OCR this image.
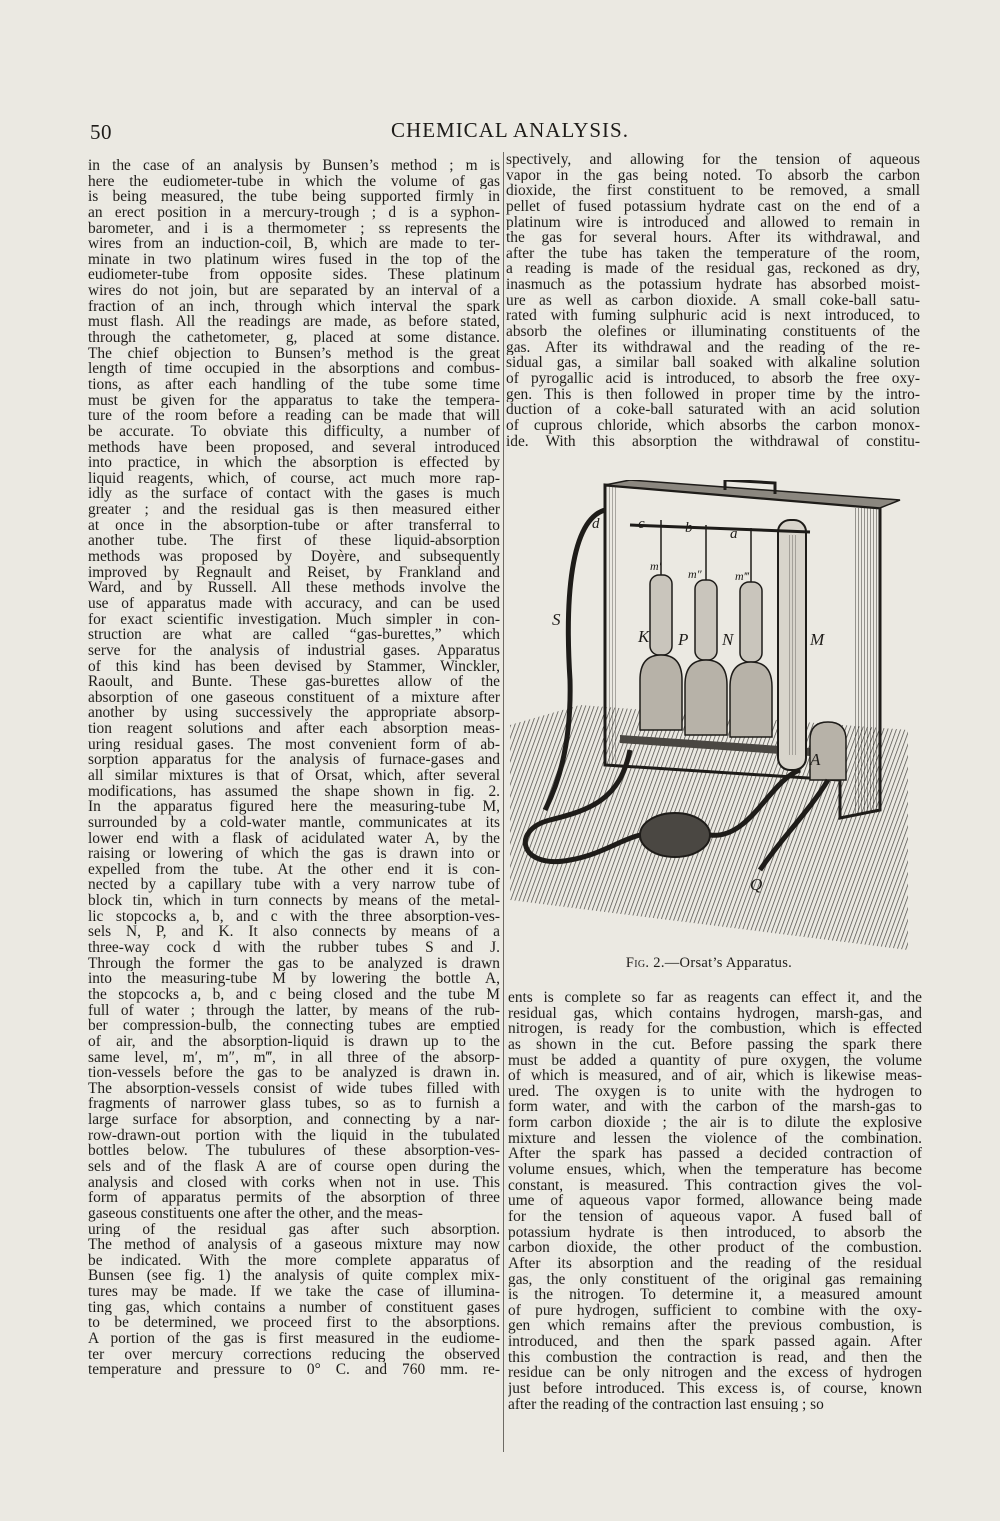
50	CHEMICAL ANALYSIS.
in the case of an analysis by Bunsen’s method ; m is
here the eudiometer-tube in which the volume of gas
is being measured, the tube being supported firmly in
an erect position in a mercury-trough ; d is a syphon-
barometer, and i is a thermometer ; ss represents the
wires from an induction-coil, B, which are made to ter-
minate in two platinum wires fused in the top of the
eudiometer-tube from opposite sides. These platinum
wires do not join, but are separated by an interval of a
fraction of an inch, through which interval the spark
must flash. All the readings are made, as before stated,
through the cathetometer, g, placed at some distance.
The chief objection to Bunsen’s method is the great
length of time occupied in the absorptions and combus-
tions, as after each handling of the tube some time
must be given for the apparatus to take the tempera-
ture of the room before a reading can be made that will
be accurate. To obviate this difficulty, a number of
methods have been proposed, and several introduced
into practice, in which the absorption is effected by
liquid reagents, which, of course, act much more rap-
idly as the surface of contact with the gases is much
greater ; and the residual gas is then measured either
at once in the absorption-tube or after transferral to
another tube. The first of these liquid-absorption
methods was proposed by Doyère, and subsequently
improved by Regnault and Reiset, by Frankland and
Ward, and by Russell. All these methods involve the
use of apparatus made with accuracy, and can be used
for exact scientific investigation. Much simpler in con-
struction are what are called “gas-burettes,” which
serve for the analysis of industrial gases. Apparatus
of this kind has been devised by Stammer, Winckler,
Raoult, and Bunte. These gas-burettes allow of the
absorption of one gaseous constituent of a mixture after
another by using successively the appropriate absorp-
tion reagent solutions and after each absorption meas-
uring residual gases. The most convenient form of ab-
sorption apparatus for the analysis of furnace-gases and
all similar mixtures is that of Orsat, which, after several
modifications, has assumed the shape shown in fig. 2.
In the apparatus figured here the measuring-tube M,
surrounded by a cold-water mantle, communicates at its
lower end with a flask of acidulated water A, by the
raising or lowering of which the gas is drawn into or
expelled from the tube. At the other end it is con-
nected by a capillary tube with a very narrow tube of
block tin, which in turn connects by means of the metal-
lic stopcocks a, b, and c with the three absorption-ves-
sels N, P, and K. It also connects by means of a
three-way cock d with the rubber tubes S and J.
Through the former the gas to be analyzed is drawn
into the measuring-tube M by lowering the bottle A,
the stopcocks a, b, and c being closed and the tube M
full of water ; through the latter, by means of the rub-
ber compression-bulb, the connecting tubes are emptied
of air, and the absorption-liquid is drawn up to the
same level, m′, m″, m‴, in all three of the absorp-
tion-vessels before the gas to be analyzed is drawn in.
The absorption-vessels consist of wide tubes filled with
fragments of narrower glass tubes, so as to furnish a
large surface for absorption, and connecting by a nar-
row-drawn-out portion with the liquid in the tubulated
bottles below. The tubulures of these absorption-ves-
sels and of the flask A are of course open during the
analysis and closed with corks when not in use. This
form of apparatus permits of the absorption of three
gaseous constituents one after the other, and the meas-
uring of the residual gas after such absorption.
The method of analysis of a gaseous mixture may now
be indicated. With the more complete apparatus of
Bunsen (see fig. 1) the analysis of quite complex mix-
tures may be made. If we take the case of illumina-
ting gas, which contains a number of constituent gases
to be determined, we proceed first to the absorptions.
A portion of the gas is first measured in the eudiome-
ter over mercury corrections reducing the observed
temperature and pressure to 0° C. and 760 mm. re-
spectively, and allowing for the tension of aqueous
vapor in the gas being noted. To absorb the carbon
dioxide, the first constituent to be removed, a small
pellet of fused potassium hydrate cast on the end of a
platinum wire is introduced and allowed to remain in
the gas for several hours. After its withdrawal, and
after the tube has taken the temperature of the room,
a reading is made of the residual gas, reckoned as dry,
inasmuch as the potassium hydrate has absorbed moist-
ure as well as carbon dioxide. A small coke-ball satu-
rated with fuming sulphuric acid is next introduced, to
absorb the olefines or illuminating constituents of the
gas. After its withdrawal and the reading of the re-
sidual gas, a similar ball soaked with alkaline solution
of pyrogallic acid is introduced, to absorb the free oxy-
gen. This is then followed in proper time by the intro-
duction of a coke-ball saturated with an acid solution
of cuprous chloride, which absorbs the carbon monox-
ide. With this absorption the withdrawal of constitu-
c	b	a
d
m′
m″	m‴
S
K P N	M
A
Q
Fig. 2.—Orsat’s Apparatus.
ents is complete so far as reagents can effect it, and the
residual gas, which contains hydrogen, marsh-gas, and
nitrogen, is ready for the combustion, which is effected
as shown in the cut. Before passing the spark there
must be added a quantity of pure oxygen, the volume
of which is measured, and of air, which is likewise meas-
ured. The oxygen is to unite with the hydrogen to
form water, and with the carbon of the marsh-gas to
form carbon dioxide ; the air is to dilute the explosive
mixture and lessen the violence of the combination.
After the spark has passed a decided contraction of
volume ensues, which, when the temperature has become
constant, is measured. This contraction gives the vol-
ume of aqueous vapor formed, allowance being made
for the tension of aqueous vapor. A fused ball of
potassium hydrate is then introduced, to absorb the
carbon dioxide, the other product of the combustion.
After its absorption and the reading of the residual
gas, the only constituent of the original gas remaining
is the nitrogen. To determine it, a measured amount
of pure hydrogen, sufficient to combine with the oxy-
gen which remains after the previous combustion, is
introduced, and then the spark passed again. After
this combustion the contraction is read, and then the
residue can be only nitrogen and the excess of hydrogen
just before introduced. This excess is, of course, known
after the reading of the contraction last ensuing ; so
